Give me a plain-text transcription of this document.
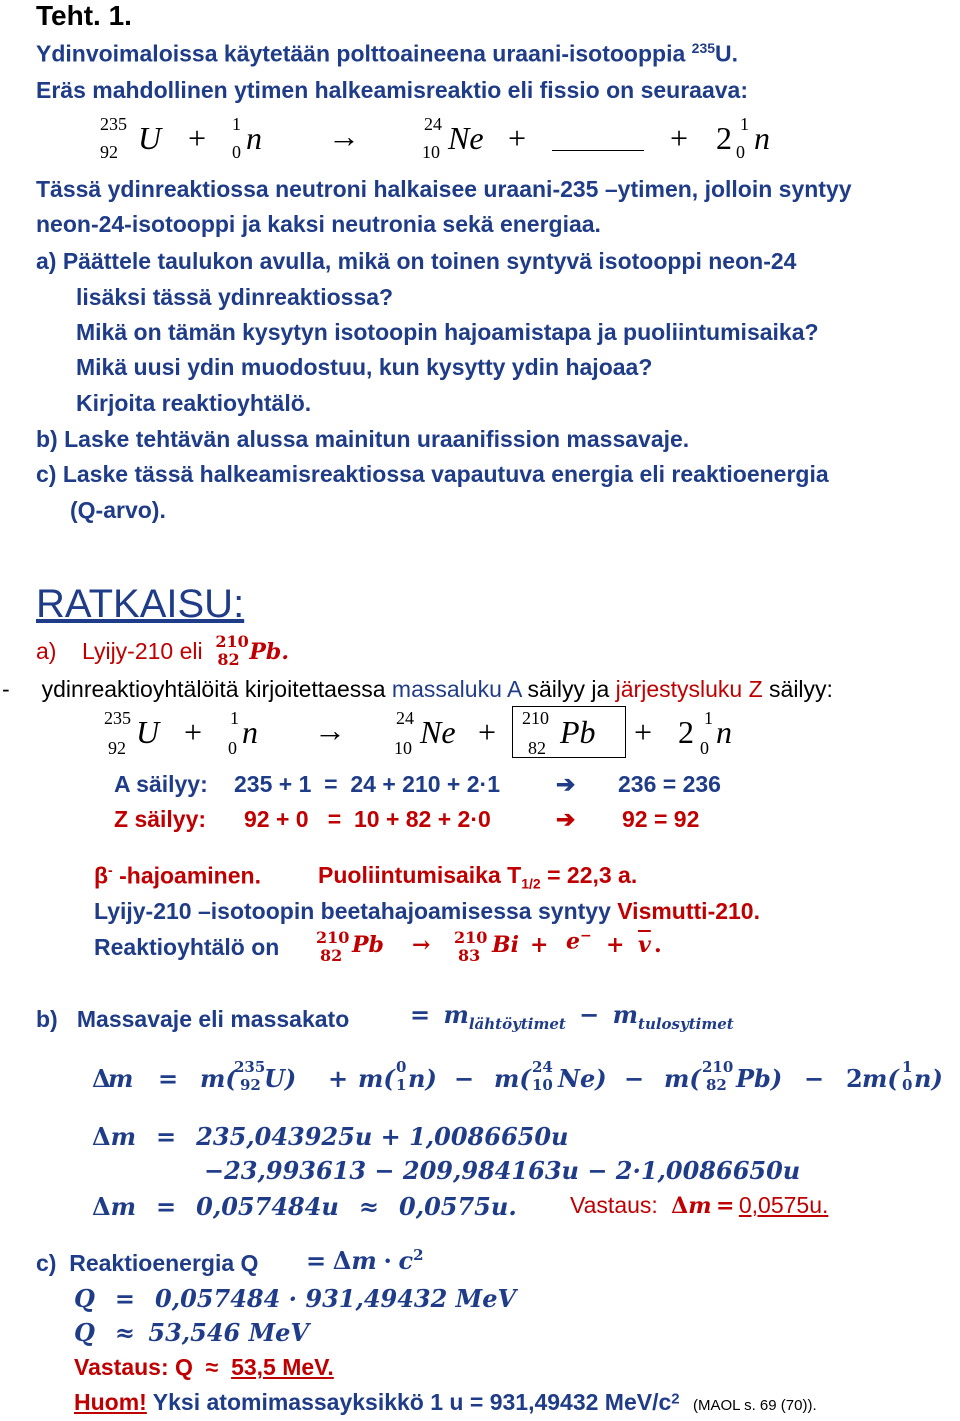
Teht. 1.
Ydinvoimaloissa käytetään polttoaineena uraani-isotooppia $^{235}$U.
Eräs mahdollinen ytimen halkeamisreaktio eli fissio on seuraava:
235
92 U + 1
0 n →	24
10 Ne +	+ 2 1
0 n
Tässä ydinreaktiossa neutroni halkaisee uraani-235 –ytimen, jolloin syntyy
neon-24-isotooppi ja kaksi neutronia sekä energiaa.
a) Päättele taulukon avulla, mikä on toinen syntyvä isotooppi neon-24
lisäksi tässä ydinreaktiossa?
Mikä on tämän kysytyn isotoopin hajoamistapa ja puoliintumisaika?
Mikä uusi ydin muodostuu, kun kysytty ydin hajoaa?
Kirjoita reaktioyhtälö.
b) Laske tehtävän alussa mainitun uraanifission massavaje.
c) Laske tässä halkeamisreaktiossa vapautuva energia eli reaktioenergia
(Q-arvo).
RATKAISU:
a) Lyijy-210 eli 210
82 Pb.
- ydinreaktioyhtälöitä kirjoitettaessa massaluku A säilyy ja järjestysluku Z säilyy:
235
92 U + 1
0 n →	24
10 Ne + 210
82 Pb + 2 1
0 n
A säilyy: 235 + 1  =  24 + 210 + 2·1 ➔ 236 = 236
Z säilyy: 92 + 0   =  10 + 82 + 2·0	➔ 92 = 92
β- -hajoaminen. Puoliintumisaika $T_{1/2} = 22,3$ a.
Lyijy-210 –isotoopin beetahajoamisessa syntyy Vismutti-210.
Reaktioyhtälö on 210
82 Pb → 210
83 $Bi + e^- + \overline{v}$ .
b) Massavaje eli massakato	= $m_{lähtöytimet} - m_{tulosytimet}$
Δ
m = m(
235
92 U) + m( 0
1 n) − m( 24
10 Ne) − m( 210
82 Pb) − 2 m( 1
0 n)
Δm = 235,043925u + 1,0086650u
−23,993613 − 209,984163u − 2·1,0086650u
Δm = 0,057484u ≈ 0,0575u. Vastaus: Δm = 0,0575u.
c) Reaktioenergia $Q = \Delta m \cdot c^2$
Q = 0,057484 · 931,49432 MeV
Q ≈ 53,546 MeV
Vastaus: Q ≈ 53,5 MeV.
Huom! Yksi atomimassayksikkö 1 u = 931,49432 MeV/$c^2$ (MAOL s. 69 (70)).
